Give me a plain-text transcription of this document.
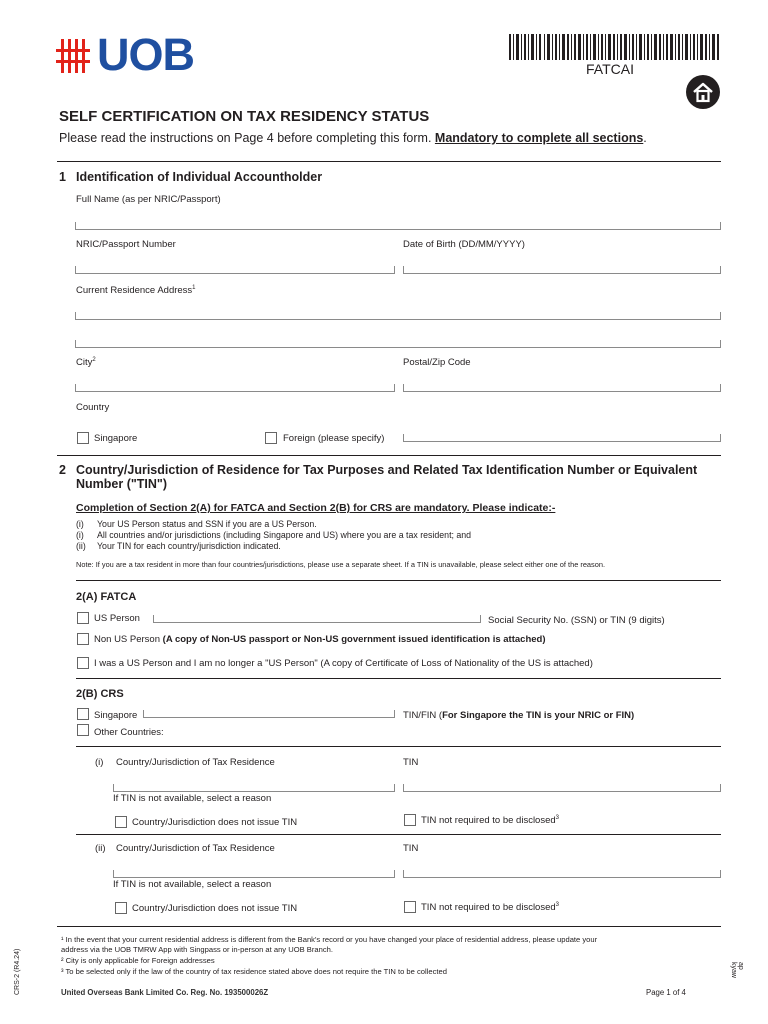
UOB	FATCAI
SELF CERTIFICATION ON TAX RESIDENCY STATUS
Please read the instructions on Page 4 before completing this form. Mandatory to complete all sections.
1 Identification of Individual Accountholder
Full Name (as per NRIC/Passport)
NRIC/Passport Number	Date of Birth (DD/MM/YYYY)
Current Residence Address$^1$
City$^2$	Postal/Zip Code
Country
Singapore	Foreign (please specify)
2 Country/Jurisdiction of Residence for Tax Purposes and Related Tax Identification Number or Equivalent
Number ("TIN")
Completion of Section 2(A) for FATCA and Section 2(B) for CRS are mandatory. Please indicate:-
(i) Your US Person status and SSN if you are a US Person.
(i) All countries and/or jurisdictions (including Singapore and US) where you are a tax resident; and
(ii) Your TIN for each country/jurisdiction indicated.
Note: If you are a tax resident in more than four countries/jurisdictions, please use a separate sheet. If a TIN is unavailable, please select either one of the reason.
2(A) FATCA
US Person	Social Security No. (SSN) or TIN (9 digits)
Non US Person (A copy of Non-US passport or Non-US government issued identification is attached)
I was a US Person and I am no longer a "US Person" (A copy of Certificate of Loss of Nationality of the US is attached)
2(B) CRS
Singapore	TIN/FIN (For Singapore the TIN is your NRIC or FIN)
Other Countries:
(i) Country/Jurisdiction of Tax Residence	TIN
If TIN is not available, select a reason
Country/Jurisdiction does not issue TIN	TIN not required to be disclosed$^3$
(ii) Country/Jurisdiction of Tax Residence	TIN
If TIN is not available, select a reason
Country/Jurisdiction does not issue TIN	TIN not required to be disclosed$^3$
¹ In the event that your current residential address is different from the Bank's record or you have changed your place of residential address, please update your
address via the UOB TMRW App with Singpass or in-person at any UOB Branch.
² City is only applicable for Foreign addresses
³ To be selected only if the law of the country of tax residence stated above does not require the TIN to be collected
United Overseas Bank Limited Co. Reg. No. 193500026Z	Page 1 of 4
CRS-2 (R4.24)	ap kyaw
